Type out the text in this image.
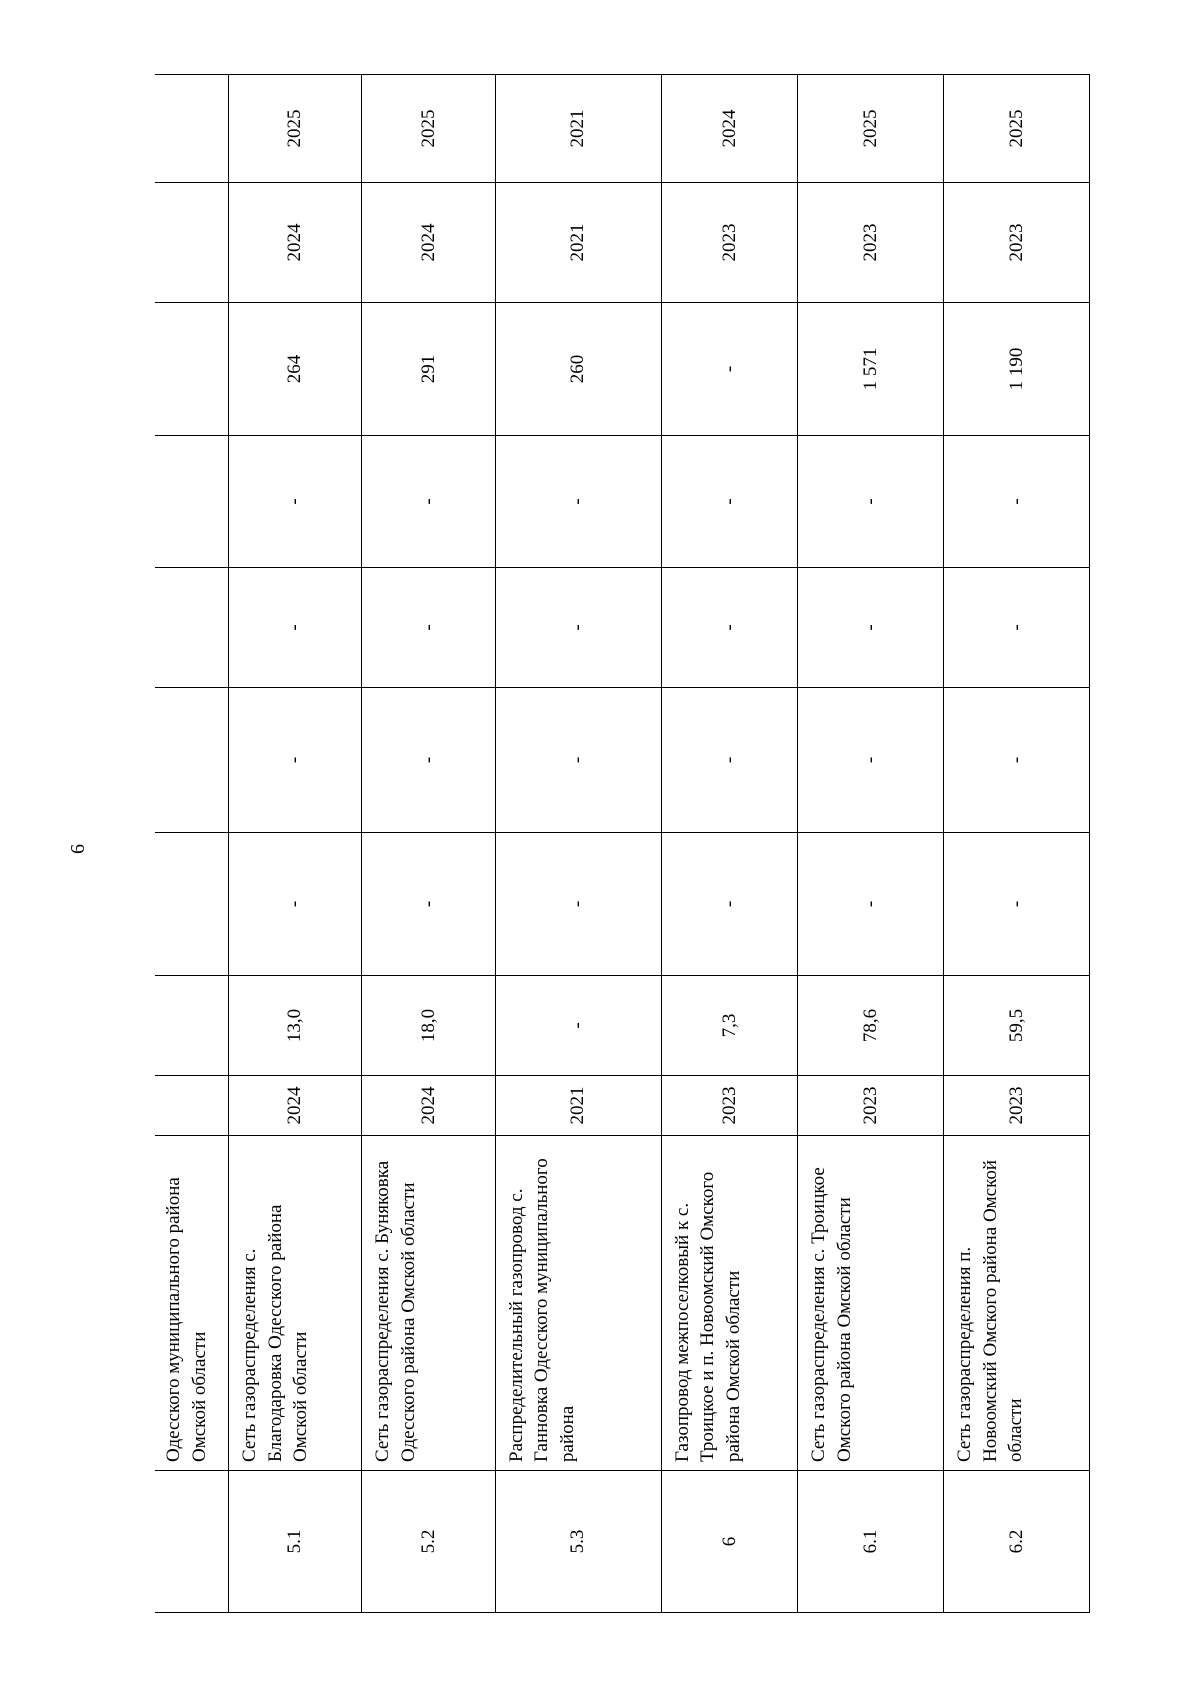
6
	Одесского муниципального района Омской области									
5.1	Сеть газораспределения с. Благодаровка Одесского района Омской области	2024	13,0	-	-	-	-	264	2024	2025
5.2	Сеть газораспределения с. Буняковка Одесского района Омской области	2024	18,0	-	-	-	-	291	2024	2025
5.3	Распределительный газопровод с. Ганновка Одесского муниципального района	2021	-	-	-	-	-	260	2021	2021
6	Газопровод межпоселковый к с. Троицкое и п. Новоомский Омского района Омской области	2023	7,3	-	-	-	-	-	2023	2024
6.1	Сеть газораспределения с. Троицкое Омского района Омской области	2023	78,6	-	-	-	-	1 571	2023	2025
6.2	Сеть газораспределения п. Новоомский Омского района Омской области	2023	59,5	-	-	-	-	1 190	2023	2025
